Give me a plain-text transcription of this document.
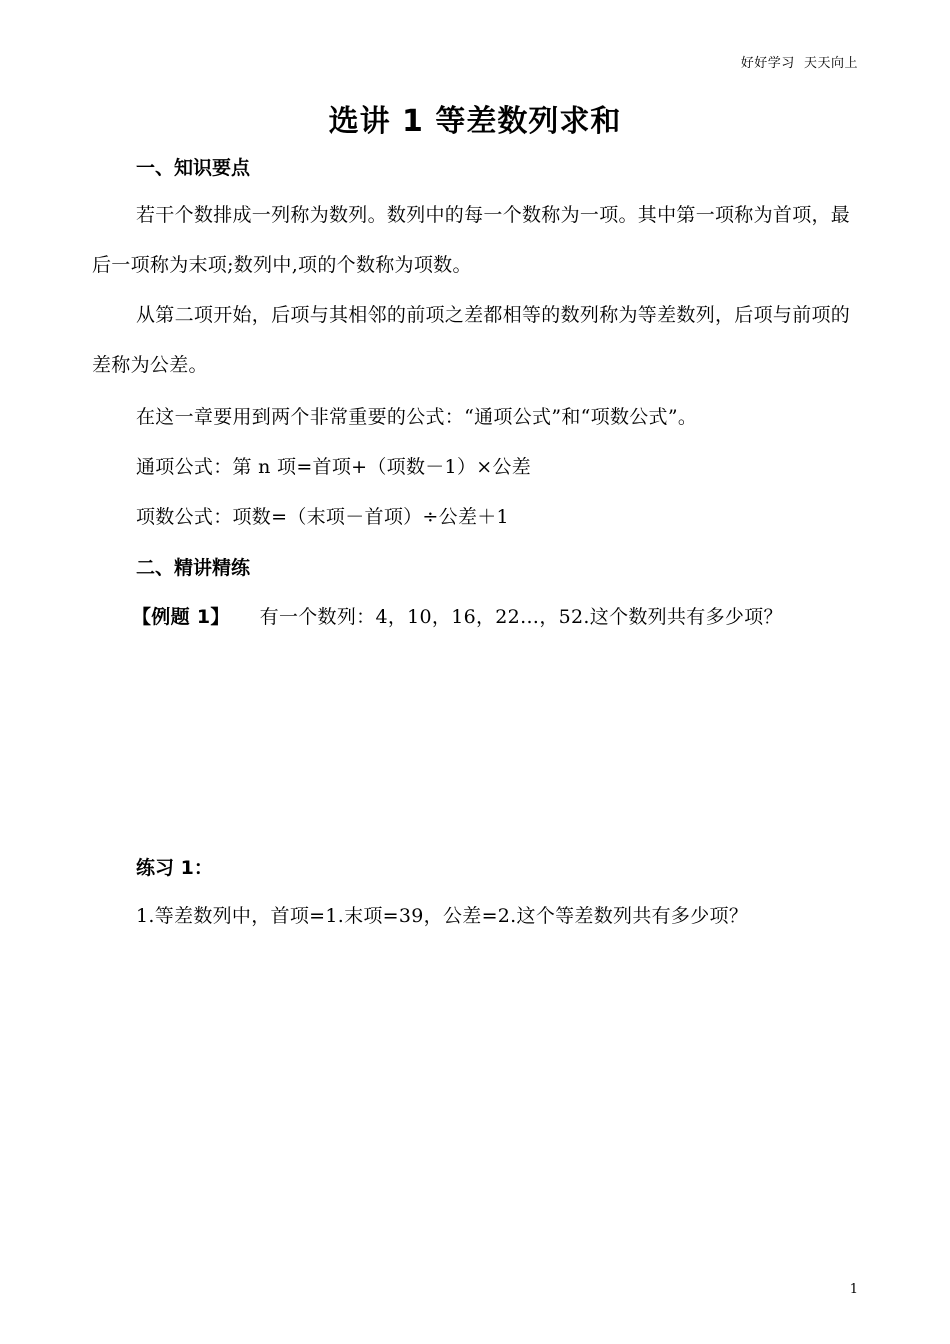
好好学习  天天向上
选讲 1 等差数列求和
一、知识要点
若干个数排成一列称为数列。数列中的每一个数称为一项。其中第一项称为首项，最后一项称为末项;数列中,项的个数称为项数。
从第二项开始，后项与其相邻的前项之差都相等的数列称为等差数列，后项与前项的差称为公差。
在这一章要用到两个非常重要的公式：“通项公式”和“项数公式”。
通项公式：第 n 项=首项+（项数－1）×公差
项数公式：项数=（末项－首项）÷公差＋1
二、精讲精练
【例题 1】 有一个数列：4，10，16，22…，52.这个数列共有多少项？
练习 1：
1.等差数列中，首项=1.末项=39，公差=2.这个等差数列共有多少项？
1
